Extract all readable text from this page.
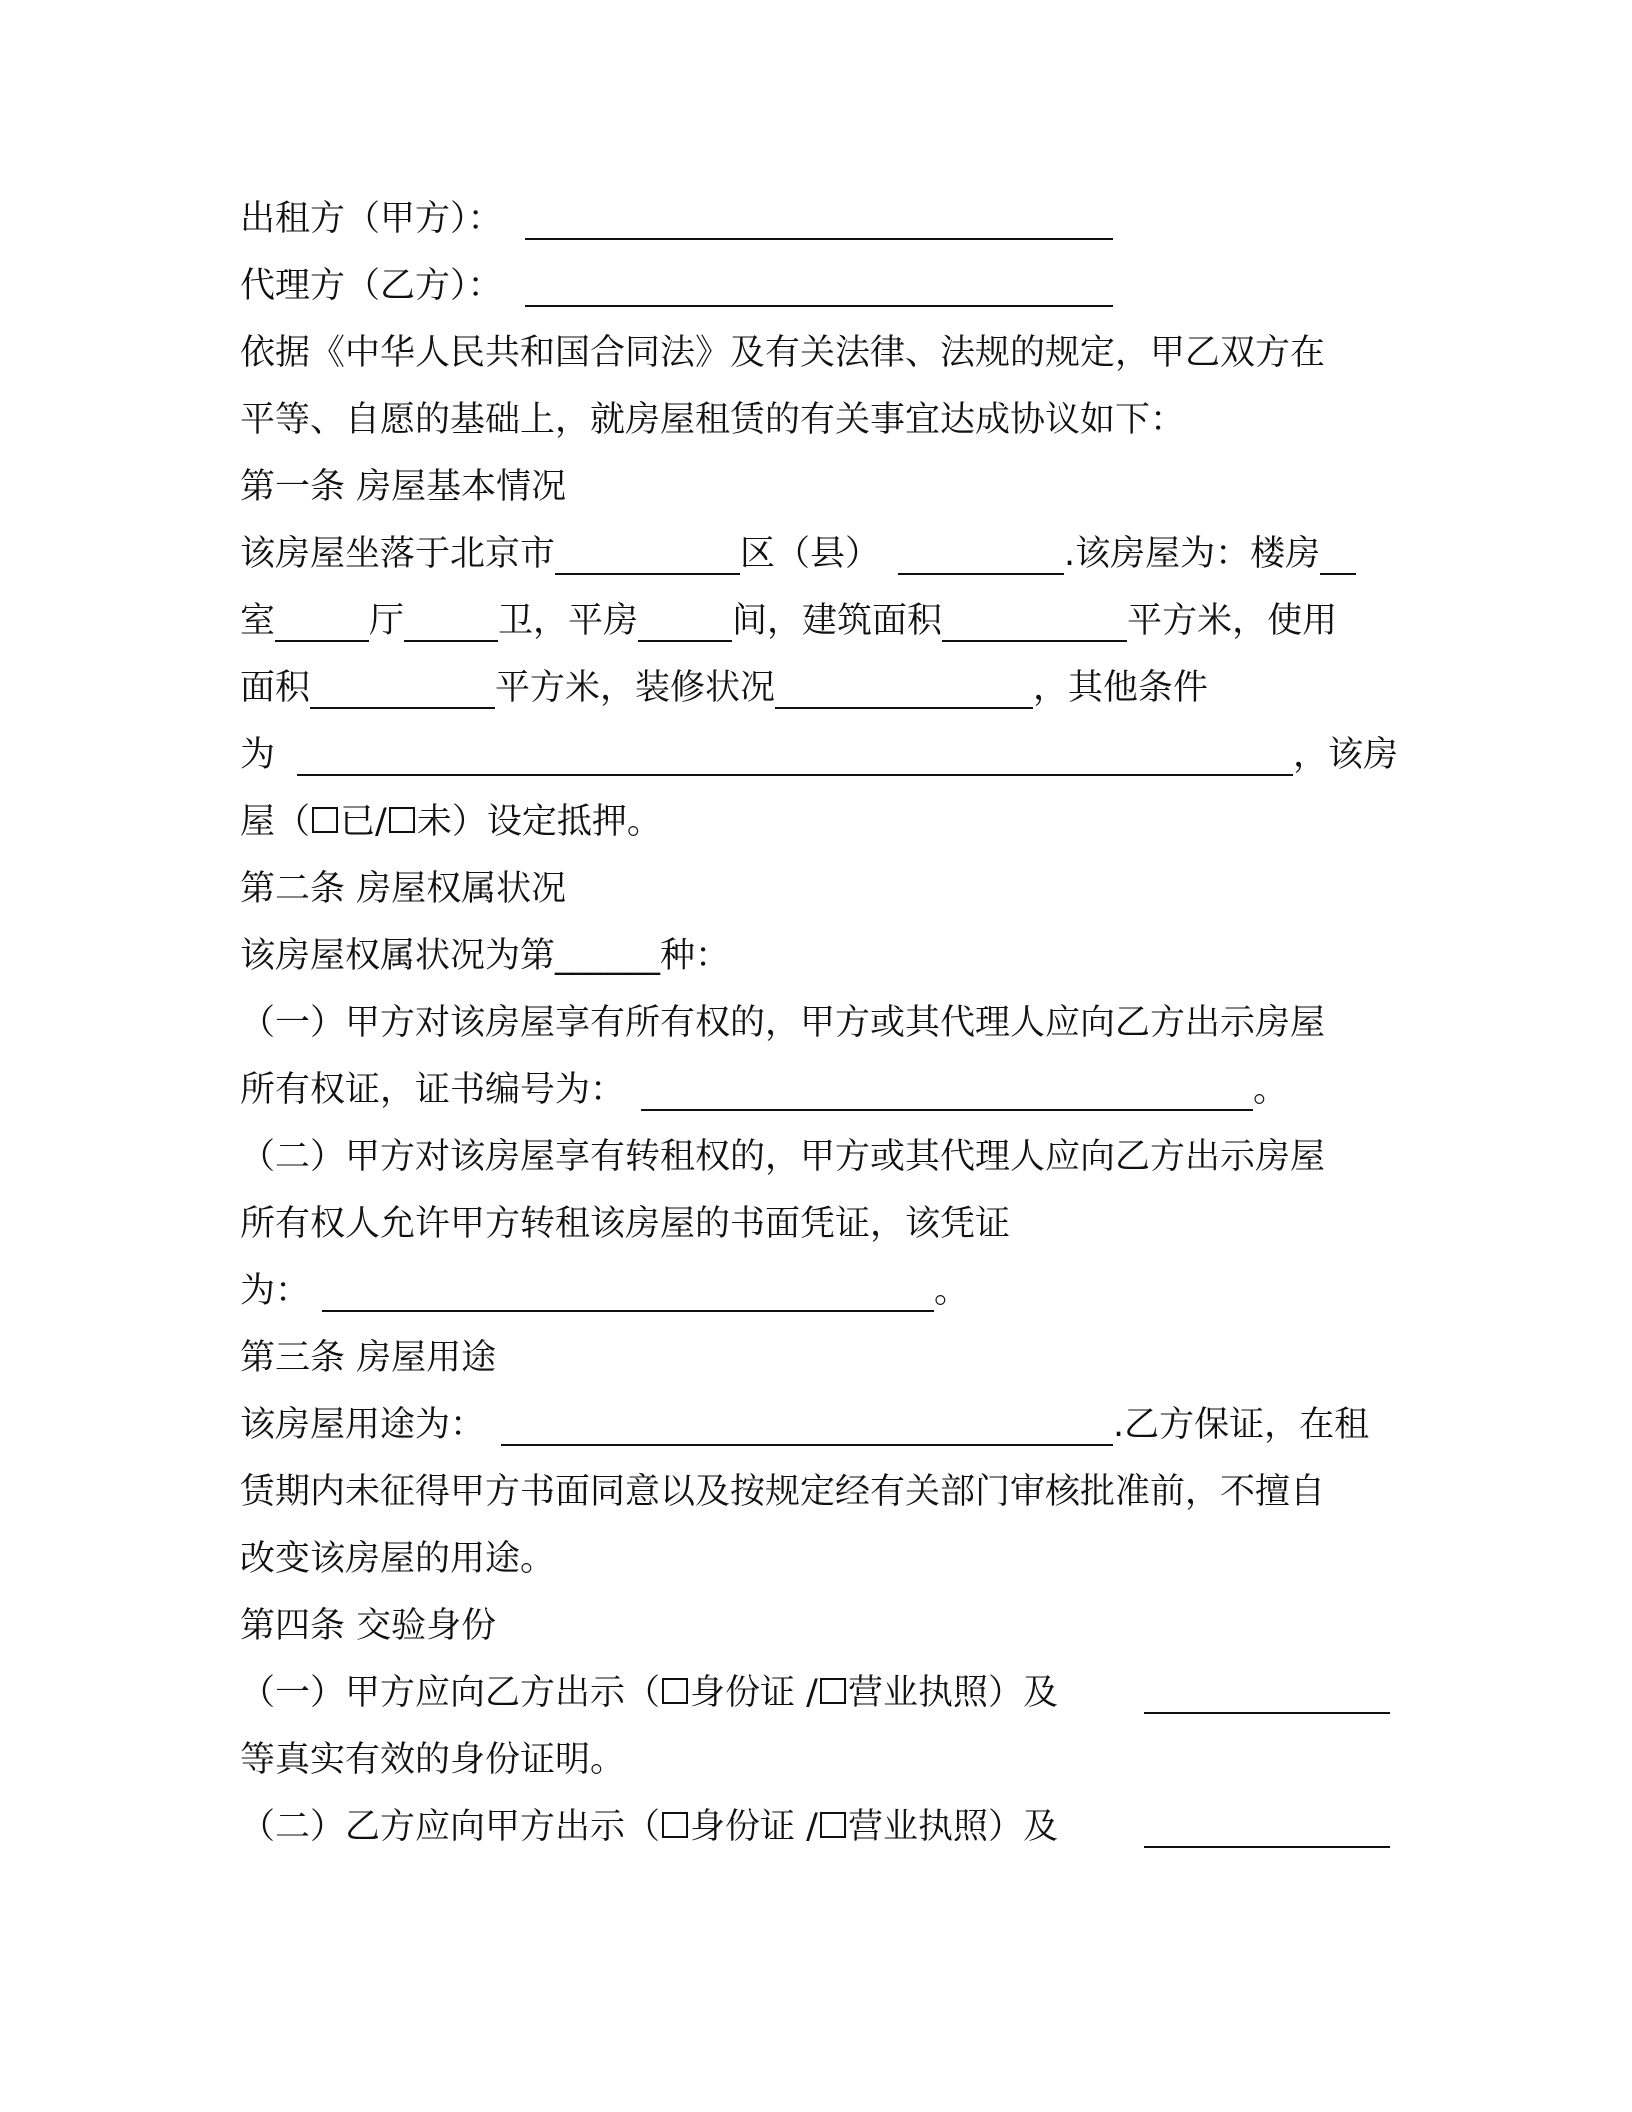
出租方（甲方）：
代理方（乙方）：
依据《中华人民共和国合同法》及有关法律、法规的规定，甲乙双方在
平等、自愿的基础上，就房屋租赁的有关事宜达成协议如下：
第一条 房屋基本情况
该房屋坐落于北京市	区（县）	.该房屋为：楼房
室	厅	卫，平房	间，建筑面积	平方米，使用
面积	平方米，装修状况	，其他条件
为	，该房
屋（ 已/未）设定抵押。
第二条 房屋权属状况
该房屋权属状况为第______种：
（一）甲方对该房屋享有所有权的，甲方或其代理人应向乙方出示房屋
所有权证，证书编号为：	。
（二）甲方对该房屋享有转租权的，甲方或其代理人应向乙方出示房屋
所有权人允许甲方转租该房屋的书面凭证，该凭证
为：	。
第三条 房屋用途
该房屋用途为：	.乙方保证，在租
赁期内未征得甲方书面同意以及按规定经有关部门审核批准前，不擅自
改变该房屋的用途。
第四条 交验身份
（一）甲方应向乙方出示（ 身份证 /营业执照）及
等真实有效的身份证明。
（二）乙方应向甲方出示（ 身份证 /营业执照）及
